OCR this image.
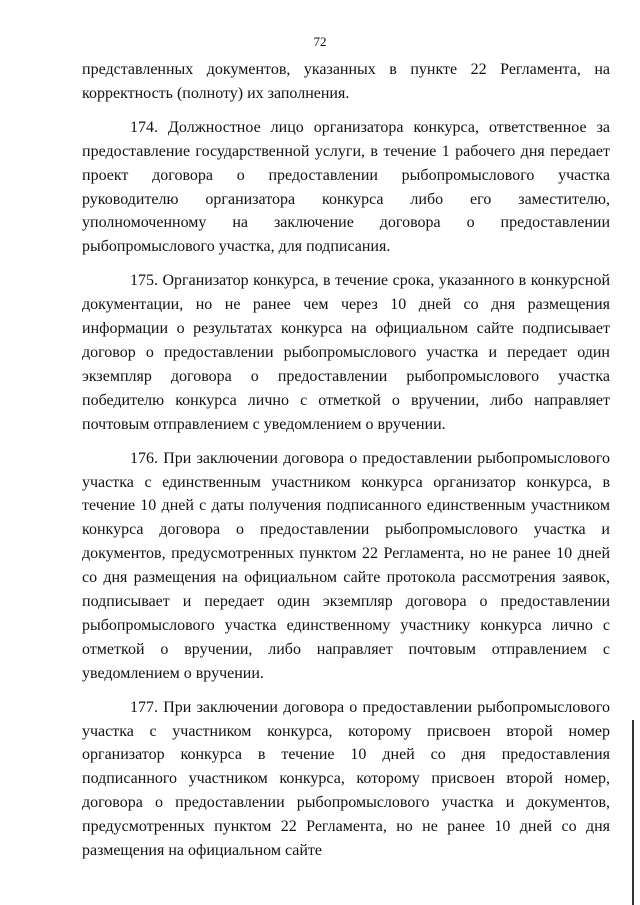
72

представленных документов, указанных в пункте 22 Регламента, на корректность (полноту) их заполнения.

174. Должностное лицо организатора конкурса, ответственное за предоставление государственной услуги, в течение 1 рабочего дня передает проект договора о предоставлении рыбопромыслового участка руководителю организатора конкурса либо его заместителю, уполномоченному на заключение договора о предоставлении рыбопромыслового участка, для подписания.

175. Организатор конкурса, в течение срока, указанного в конкурсной документации, но не ранее чем через 10 дней со дня размещения информации о результатах конкурса на официальном сайте подписывает договор о предоставлении рыбопромыслового участка и передает один экземпляр договора о предоставлении рыбопромыслового участка победителю конкурса лично с отметкой о вручении, либо направляет почтовым отправлением с уведомлением о вручении.

176. При заключении договора о предоставлении рыбопромыслового участка с единственным участником конкурса организатор конкурса, в течение 10 дней с даты получения подписанного единственным участником конкурса договора о предоставлении рыбопромыслового участка и документов, предусмотренных пунктом 22 Регламента, но не ранее 10 дней со дня размещения на официальном сайте протокола рассмотрения заявок, подписывает и передает один экземпляр договора о предоставлении рыбопромыслового участка единственному участнику конкурса лично с отметкой о вручении, либо направляет почтовым отправлением с уведомлением о вручении.

177. При заключении договора о предоставлении рыбопромыслового участка с участником конкурса, которому присвоен второй номер организатор конкурса в течение 10 дней со дня предоставления подписанного участником конкурса, которому присвоен второй номер, договора о предоставлении рыбопромыслового участка и документов, предусмотренных пунктом 22 Регламента, но не ранее 10 дней со дня размещения на официальном сайте
